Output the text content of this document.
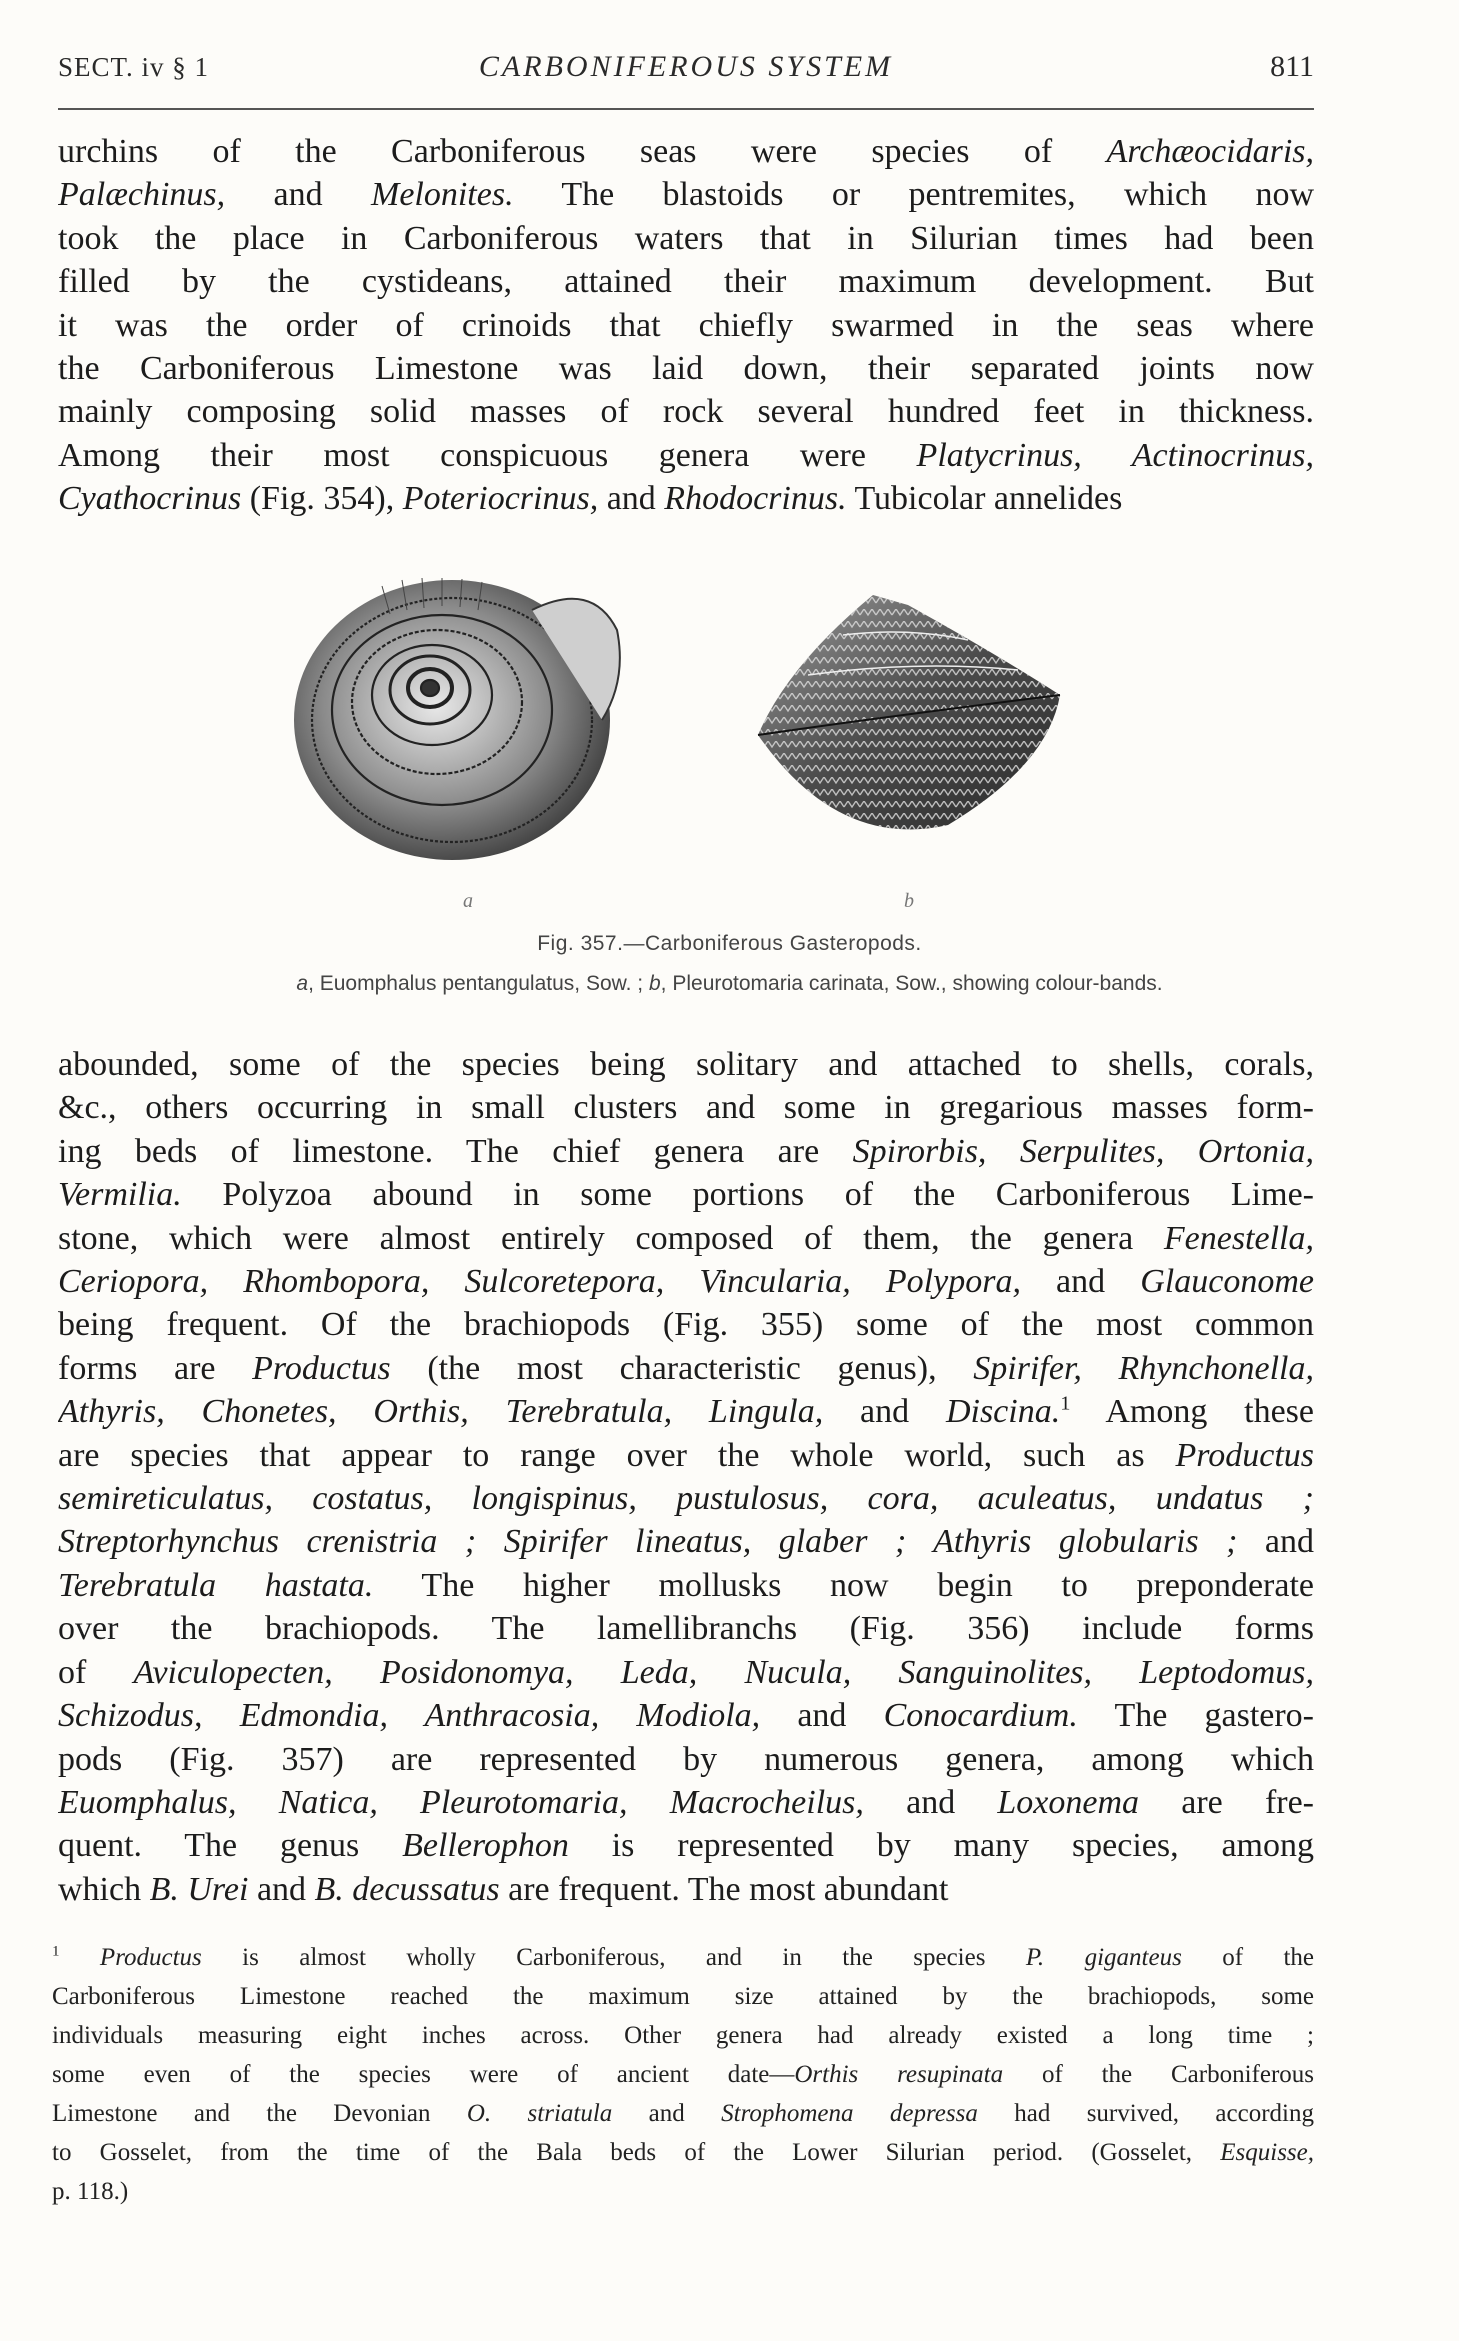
SECT. iv § 1	CARBONIFEROUS SYSTEM	811
urchins of the Carboniferous seas were species of Archæocidaris,
Palæchinus, and Melonites. The blastoids or pentremites, which now
took the place in Carboniferous waters that in Silurian times had been
filled by the cystideans, attained their maximum development. But
it was the order of crinoids that chiefly swarmed in the seas where
the Carboniferous Limestone was laid down, their separated joints now
mainly composing solid masses of rock several hundred feet in thickness.
Among their most conspicuous genera were Platycrinus, Actinocrinus,
Cyathocrinus (Fig. 354), Poteriocrinus, and Rhodocrinus. Tubicolar annelides
a	b
Fig. 357.—Carboniferous Gasteropods.
a, Euomphalus pentangulatus, Sow. ; b, Pleurotomaria carinata, Sow., showing colour-bands.
abounded, some of the species being solitary and attached to shells, corals,
&c., others occurring in small clusters and some in gregarious masses form-
ing beds of limestone. The chief genera are Spirorbis, Serpulites, Ortonia,
Vermilia. Polyzoa abound in some portions of the Carboniferous Lime-
stone, which were almost entirely composed of them, the genera Fenestella,
Ceriopora, Rhombopora, Sulcoretepora, Vincularia, Polypora, and Glauconome
being frequent. Of the brachiopods (Fig. 355) some of the most common
forms are Productus (the most characteristic genus), Spirifer, Rhynchonella,
Athyris, Chonetes, Orthis, Terebratula, Lingula, and Discina.$^1$ Among these
are species that appear to range over the whole world, such as Productus
semireticulatus, costatus, longispinus, pustulosus, cora, aculeatus, undatus ;
Streptorhynchus crenistria ; Spirifer lineatus, glaber ; Athyris globularis ; and
Terebratula hastata. The higher mollusks now begin to preponderate
over the brachiopods. The lamellibranchs (Fig. 356) include forms
of Aviculopecten, Posidonomya, Leda, Nucula, Sanguinolites, Leptodomus,
Schizodus, Edmondia, Anthracosia, Modiola, and Conocardium. The gastero-
pods (Fig. 357) are represented by numerous genera, among which
Euomphalus, Natica, Pleurotomaria, Macrocheilus, and Loxonema are fre-
quent. The genus Bellerophon is represented by many species, among
which B. Urei and B. decussatus are frequent. The most abundant
$^1$ Productus is almost wholly Carboniferous, and in the species P. giganteus of the
Carboniferous Limestone reached the maximum size attained by the brachiopods, some
individuals measuring eight inches across. Other genera had already existed a long time ;
some even of the species were of ancient date—Orthis resupinata of the Carboniferous
Limestone and the Devonian O. striatula and Strophomena depressa had survived, according
to Gosselet, from the time of the Bala beds of the Lower Silurian period. (Gosselet, Esquisse,
p. 118.)
